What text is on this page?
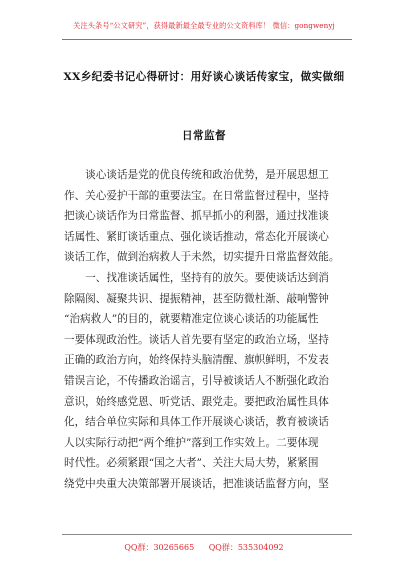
关注头条号“公文研究”，获得最新最全最专业的公文资料库！ 微信：gongwenyj
XX乡纪委书记心得研讨：用好谈心谈话传家宝，做实做细
日常监督
　　谈心谈话是党的优良传统和政治优势，是开展思想工
作、关心爱护干部的重要法宝。在日常监督过程中，坚持
把谈心谈话作为日常监督、抓早抓小的利器，通过找准谈
话属性、紧盯谈话重点、强化谈话推动，常态化开展谈心
谈话工作，做到治病救人于未然，切实提升日常监督效能。
　　一、找准谈话属性，坚持有的放矢。要使谈话达到消
除隔阂、凝聚共识、提振精神，甚至防微杜渐、敲响警钟
“治病救人”的目的，就要精准定位谈心谈话的功能属性
一要体现政治性。谈话人首先要有坚定的政治立场，坚持
正确的政治方向，始终保持头脑清醒、旗帜鲜明，不发表
错误言论，不传播政治谣言，引导被谈话人不断强化政治
意识，始终感党恩、听党话、跟党走。要把政治属性具体
化，结合单位实际和具体工作开展谈心谈话，教育被谈话
人以实际行动把“两个维护”落到工作实效上。二要体现
时代性。必须紧跟“国之大者”、关注大局大势，紧紧围
绕党中央重大决策部署开展谈话，把准谈话监督方向，坚
QQ群：30265665 QQ群：535304092
